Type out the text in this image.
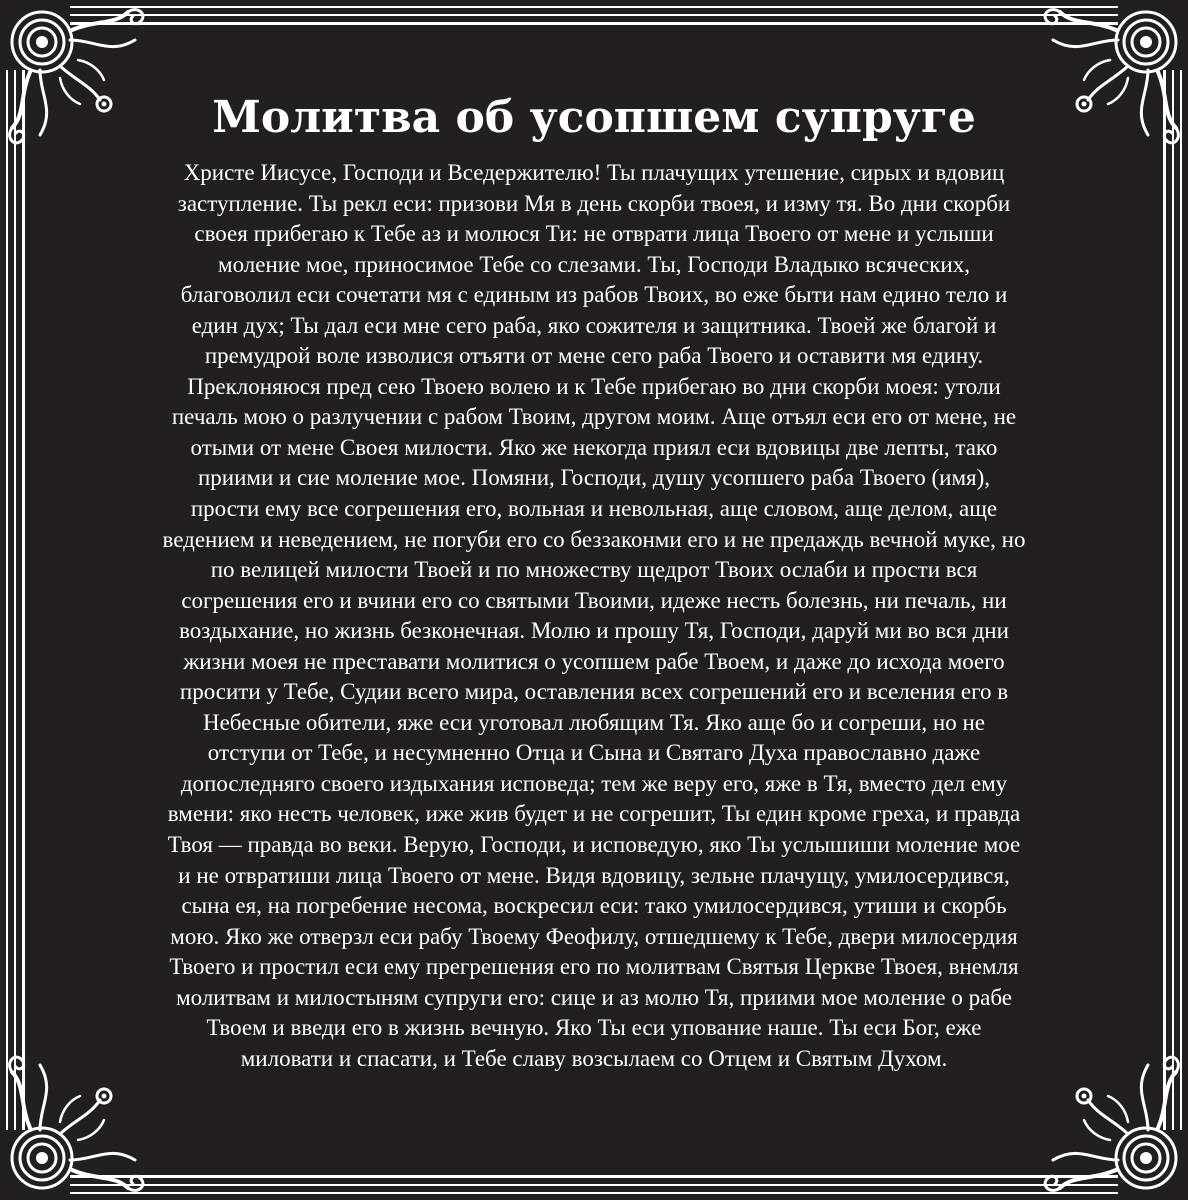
Молитва об усопшем супруге
Христе Иисусе, Господи и Вседержителю! Ты плачущих утешение, сирых и вдовиц
заступление. Ты рекл еси: призови Мя в день скорби твоея, и изму тя. Во дни скорби
своея прибегаю к Тебе аз и молюся Ти: не отврати лица Твоего от мене и услыши
моление мое, приносимое Тебе со слезами. Ты, Господи Владыко всяческих,
благоволил еси сочетати мя с единым из рабов Твоих, во еже быти нам едино тело и
един дух; Ты дал еси мне сего раба, яко сожителя и защитника. Твоей же благой и
премудрой воле изволися отъяти от мене сего раба Твоего и оставити мя едину.
Преклоняюся пред сею Твоею волею и к Тебе прибегаю во дни скорби моея: утоли
печаль мою о разлучении с рабом Твоим, другом моим. Аще отъял еси его от мене, не
отыми от мене Своея милости. Яко же некогда приял еси вдовицы две лепты, тако
приими и сие моление мое. Помяни, Господи, душу усопшего раба Твоего (имя),
прости ему все согрешения его, вольная и невольная, аще словом, аще делом, аще
ведением и неведением, не погуби его со беззаконми его и не предаждь вечной муке, но
по велицей милости Твоей и по множеству щедрот Твоих ослаби и прости вся
согрешения его и вчини его со святыми Твоими, идеже несть болезнь, ни печаль, ни
воздыхание, но жизнь безконечная. Молю и прошу Тя, Господи, даруй ми во вся дни
жизни моея не преставати молитися о усопшем рабе Твоем, и даже до исхода моего
просити у Тебе, Судии всего мира, оставления всех согрешений его и вселения его в
Небесные обители, яже еси уготовал любящим Тя. Яко аще бо и согреши, но не
отступи от Тебе, и несумненно Отца и Сына и Святаго Духа православно даже
допоследняго своего издыхания исповеда; тем же веру его, яже в Тя, вместо дел ему
вмени: яко несть человек, иже жив будет и не согрешит, Ты един кроме греха, и правда
Твоя — правда во веки. Верую, Господи, и исповедую, яко Ты услышиши моление мое
и не отвратиши лица Твоего от мене. Видя вдовицу, зельне плачущу, умилосердився,
сына ея, на погребение несома, воскресил еси: тако умилосердився, утиши и скорбь
мою. Яко же отверзл еси рабу Твоему Феофилу, отшедшему к Тебе, двери милосердия
Твоего и простил еси ему прегрешения его по молитвам Святыя Церкве Твоея, внемля
молитвам и милостыням супруги его: сице и аз молю Тя, приими мое моление о рабе
Твоем и введи его в жизнь вечную. Яко Ты еси упование наше. Ты еси Бог, еже
миловати и спасати, и Тебе славу возсылаем со Отцем и Святым Духом.
